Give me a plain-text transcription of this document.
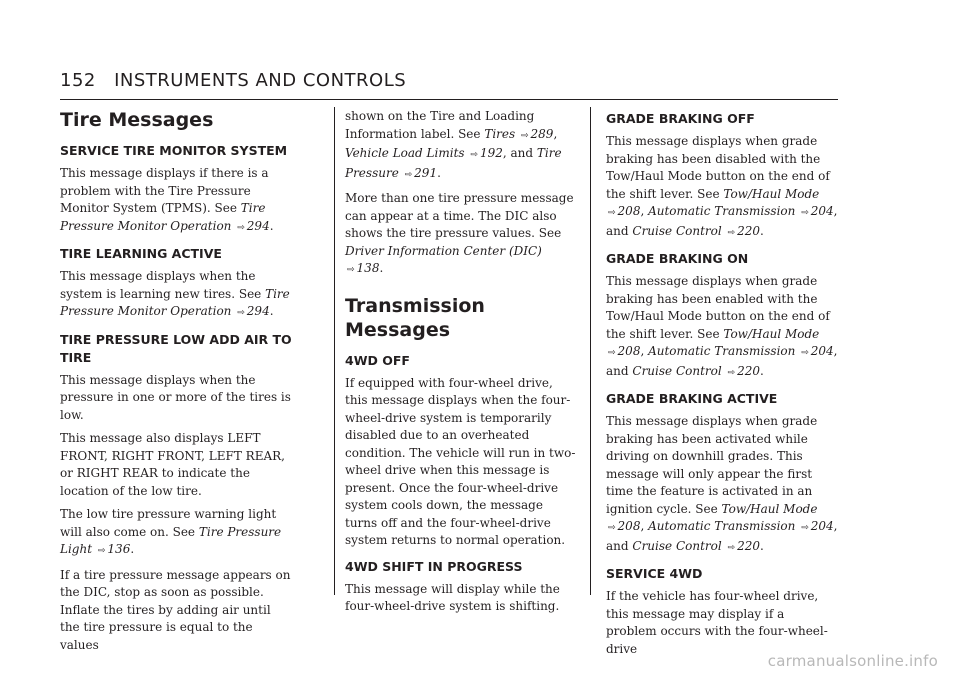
152 INSTRUMENTS AND CONTROLS
Tire Messages
SERVICE TIRE MONITOR SYSTEM

This message displays if there is a problem with the Tire Pressure Monitor System (TPMS). See Tire Pressure Monitor Operation ⇨ 294.

TIRE LEARNING ACTIVE

This message displays when the system is learning new tires. See Tire Pressure Monitor Operation ⇨ 294.

TIRE PRESSURE LOW ADD AIR TO TIRE

This message displays when the pressure in one or more of the tires is low.

This message also displays LEFT FRONT, RIGHT FRONT, LEFT REAR, or RIGHT REAR to indicate the location of the low tire.

The low tire pressure warning light will also come on. See Tire Pressure Light ⇨ 136.

If a tire pressure message appears on the DIC, stop as soon as possible. Inflate the tires by adding air until the tire pressure is equal to the values

shown on the Tire and Loading Information label. See Tires ⇨ 289, Vehicle Load Limits ⇨ 192, and Tire Pressure ⇨ 291.

More than one tire pressure message can appear at a time. The DIC also shows the tire pressure values. See Driver Information Center (DIC) ⇨ 138.

Transmission Messages
4WD OFF

If equipped with four-wheel drive, this message displays when the four-wheel-drive system is temporarily disabled due to an overheated condition. The vehicle will run in two-wheel drive when this message is present. Once the four-wheel-drive system cools down, the message turns off and the four-wheel-drive system returns to normal operation.

4WD SHIFT IN PROGRESS

This message will display while the four-wheel-drive system is shifting.

GRADE BRAKING OFF

This message displays when grade braking has been disabled with the Tow/Haul Mode button on the end of the shift lever. See Tow/Haul Mode ⇨ 208, Automatic Transmission ⇨ 204, and Cruise Control ⇨ 220.

GRADE BRAKING ON

This message displays when grade braking has been enabled with the Tow/Haul Mode button on the end of the shift lever. See Tow/Haul Mode ⇨ 208, Automatic Transmission ⇨ 204, and Cruise Control ⇨ 220.

GRADE BRAKING ACTIVE

This message displays when grade braking has been activated while driving on downhill grades. This message will only appear the first time the feature is activated in an ignition cycle. See Tow/Haul Mode ⇨ 208, Automatic Transmission ⇨ 204, and Cruise Control ⇨ 220.

SERVICE 4WD

If the vehicle has four-wheel drive, this message may display if a problem occurs with the four-wheel-drive

carmanualsonline.info
